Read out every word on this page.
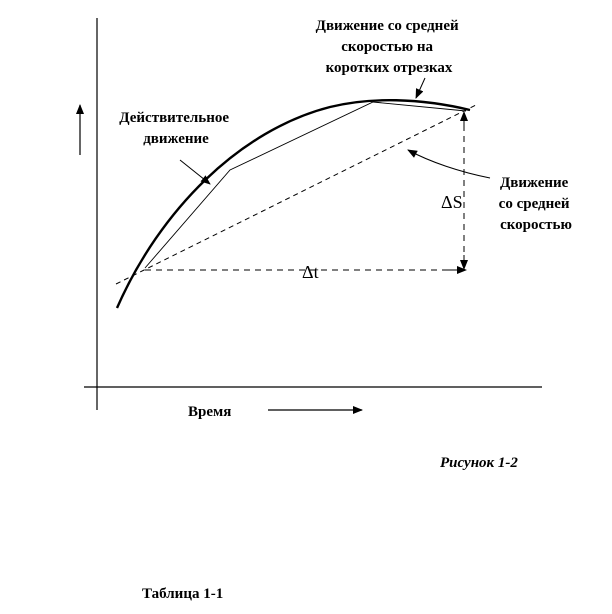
Действительное движение
Движение со средней скоростью на коротких отрезках
Движение со средней скоростью
ΔS
Δt
Время
Рисунок 1-2
Таблица 1-1
